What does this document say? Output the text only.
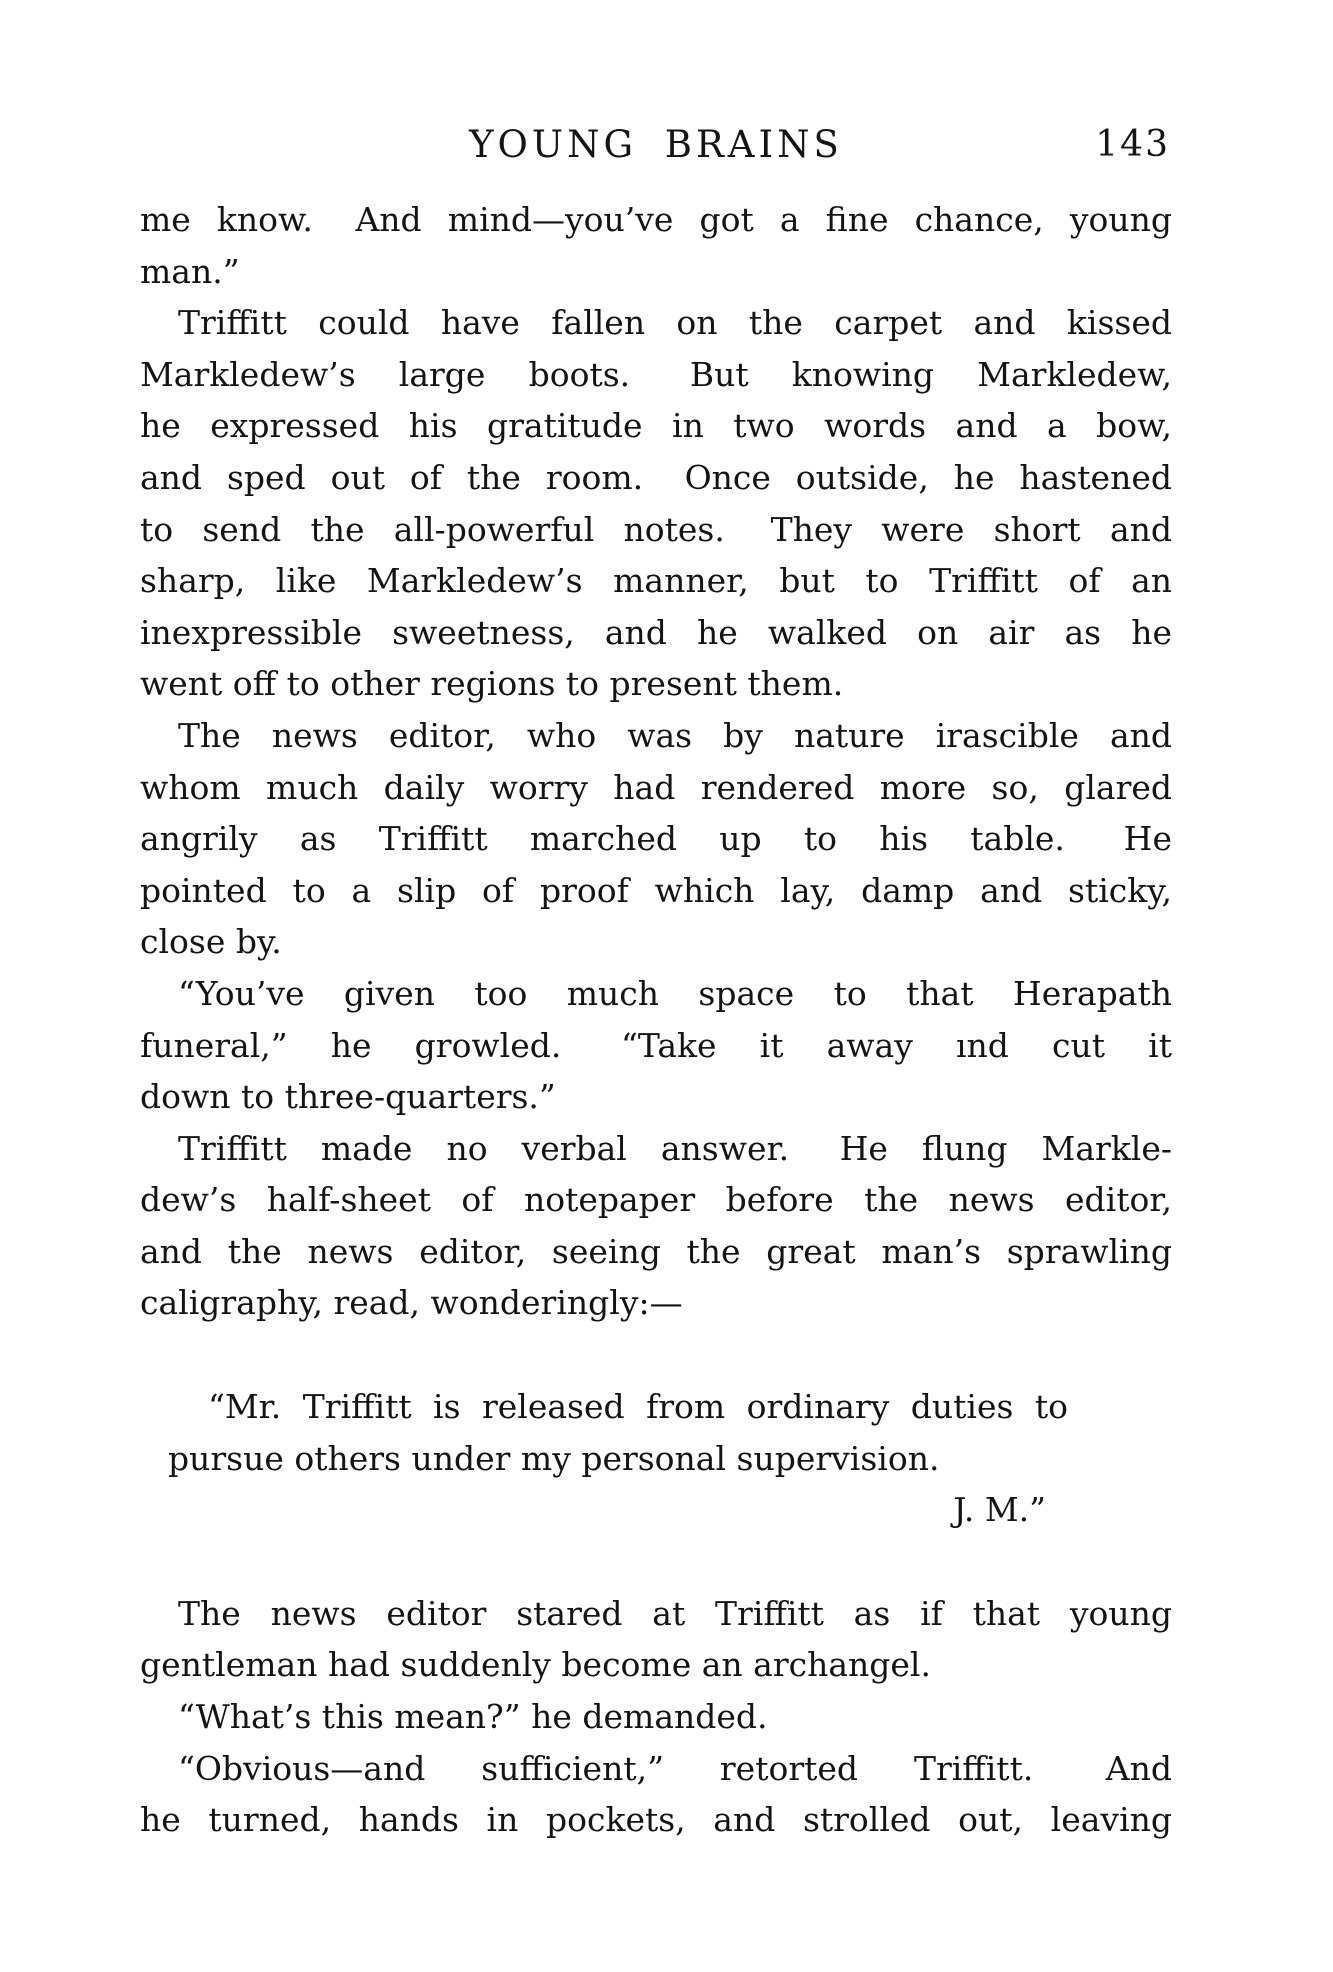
YOUNG BRAINS	143
me know.  And mind—you’ve got a fine chance, young
man.”
Triffitt could have fallen on the carpet and kissed
Markledew’s large boots.  But knowing Markledew,
he expressed his gratitude in two words and a bow,
and sped out of the room.  Once outside, he hastened
to send the all-powerful notes.  They were short and
sharp, like Markledew’s manner, but to Triffitt of an
inexpressible sweetness, and he walked on air as he
went off to other regions to present them.
The news editor, who was by nature irascible and
whom much daily worry had rendered more so, glared
angrily as Triffitt marched up to his table.  He
pointed to a slip of proof which lay, damp and sticky,
close by.
“You’ve given too much space to that Herapath
funeral,” he growled.  “Take it away ınd cut it
down to three-quarters.”
Triffitt made no verbal answer.  He flung Markle-
dew’s half-sheet of notepaper before the news editor,
and the news editor, seeing the great man’s sprawling
caligraphy, read, wonderingly:—
“Mr. Triffitt is released from ordinary duties to
pursue others under my personal supervision.
J. M.”
The news editor stared at Triffitt as if that young
gentleman had suddenly become an archangel.
“What’s this mean?” he demanded.
“Obvious—and sufficient,” retorted Triffitt.  And
he turned, hands in pockets, and strolled out, leaving
